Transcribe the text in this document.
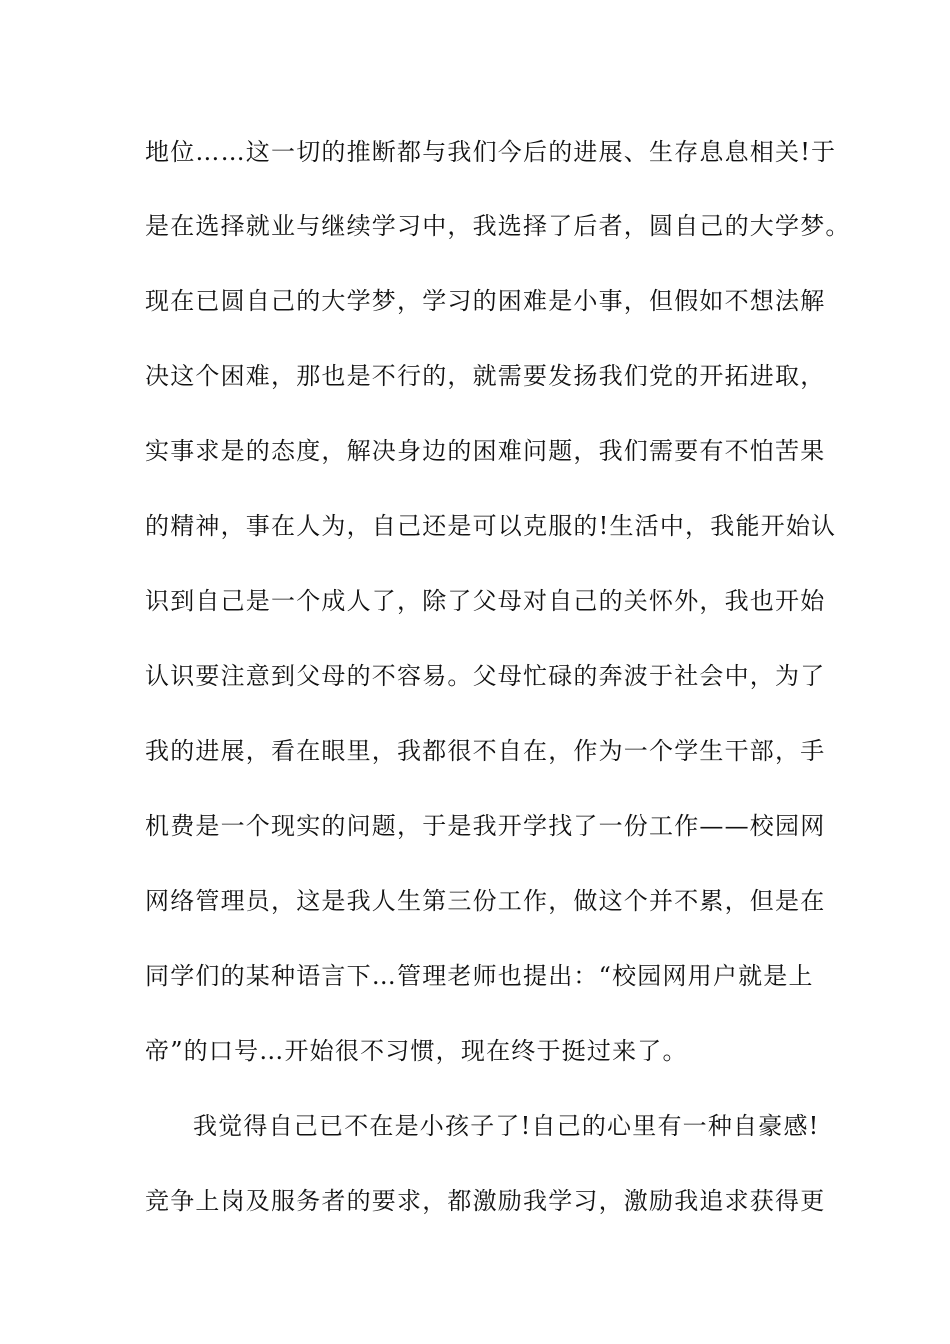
地位……这一切的推断都与我们今后的进展、生存息息相关!于
是在选择就业与继续学习中，我选择了后者，圆自己的大学梦。
现在已圆自己的大学梦，学习的困难是小事，但假如不想法解
决这个困难，那也是不行的，就需要发扬我们党的开拓进取，
实事求是的态度，解决身边的困难问题，我们需要有不怕苦果
的精神，事在人为，自己还是可以克服的!生活中，我能开始认
识到自己是一个成人了，除了父母对自己的关怀外，我也开始
认识要注意到父母的不容易。父母忙碌的奔波于社会中，为了
我的进展，看在眼里，我都很不自在，作为一个学生干部，手
机费是一个现实的问题，于是我开学找了一份工作——校园网
网络管理员，这是我人生第三份工作，做这个并不累，但是在
同学们的某种语言下…管理老师也提出：“校园网用户就是上
帝”的口号…开始很不习惯，现在终于挺过来了。
我觉得自己已不在是小孩子了!自己的心里有一种自豪感!
竞争上岗及服务者的要求，都激励我学习，激励我追求获得更
